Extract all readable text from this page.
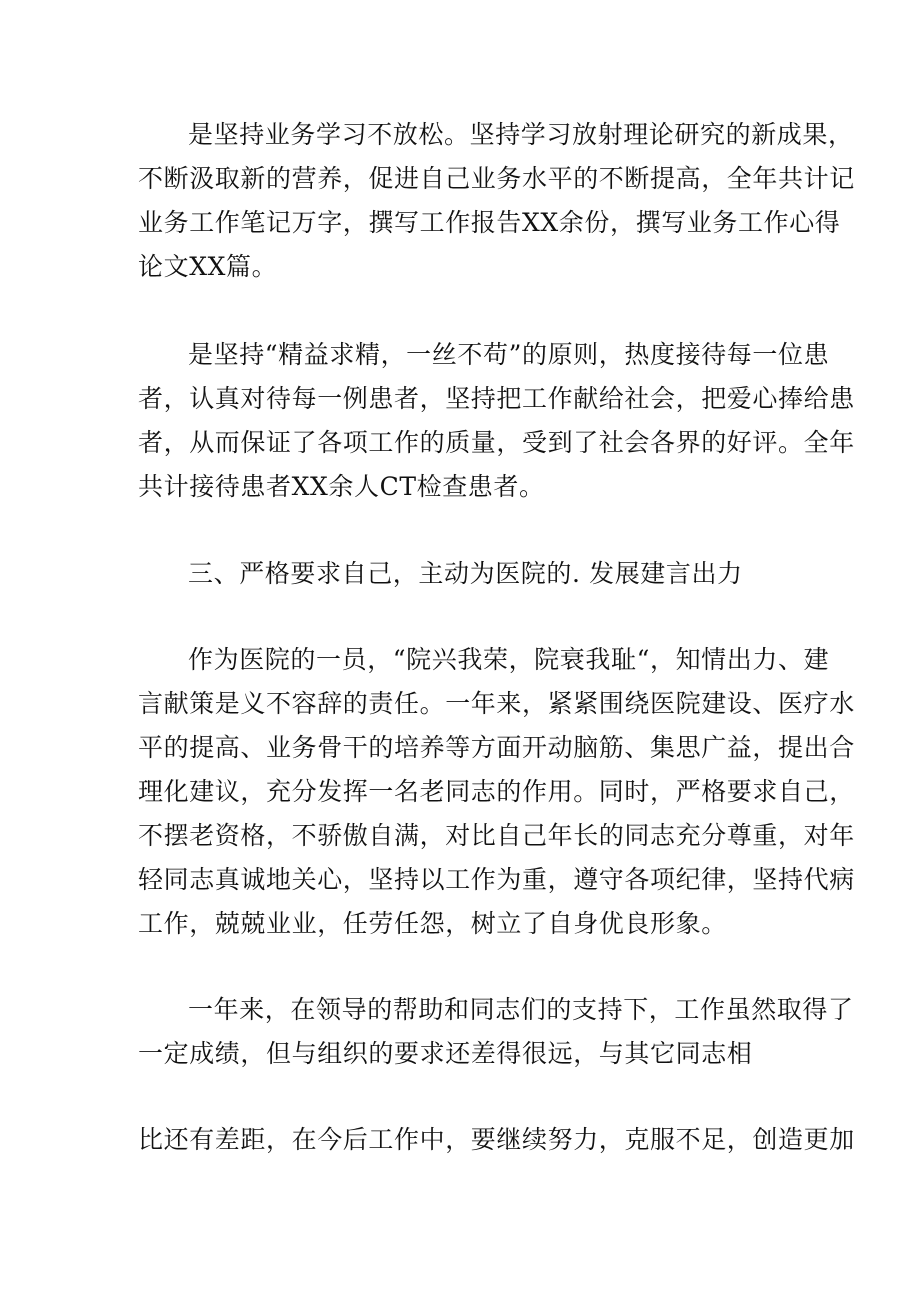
是坚持业务学习不放松。坚持学习放射理论研究的新成果，
不断汲取新的营养，促进自己业务水平的不断提高，全年共计记
业务工作笔记万字，撰写工作报告XX余份，撰写业务工作心得
论文XX篇。
是坚持“精益求精，一丝不苟”的原则，热度接待每一位患
者，认真对待每一例患者，坚持把工作献给社会，把爱心捧给患
者，从而保证了各项工作的质量，受到了社会各界的好评。全年
共计接待患者XX余人CT检查患者。
三、严格要求自己，主动为医院的. 发展建言出力
作为医院的一员，“院兴我荣，院衰我耻“，知情出力、建
言献策是义不容辞的责任。一年来，紧紧围绕医院建设、医疗水
平的提高、业务骨干的培养等方面开动脑筋、集思广益，提出合
理化建议，充分发挥一名老同志的作用。同时，严格要求自己，
不摆老资格，不骄傲自满，对比自己年长的同志充分尊重，对年
轻同志真诚地关心，坚持以工作为重，遵守各项纪律，坚持代病
工作，兢兢业业，任劳任怨，树立了自身优良形象。
一年来，在领导的帮助和同志们的支持下，工作虽然取得了
一定成绩，但与组织的要求还差得很远，与其它同志相
比还有差距，在今后工作中，要继续努力，克服不足，创造更加
